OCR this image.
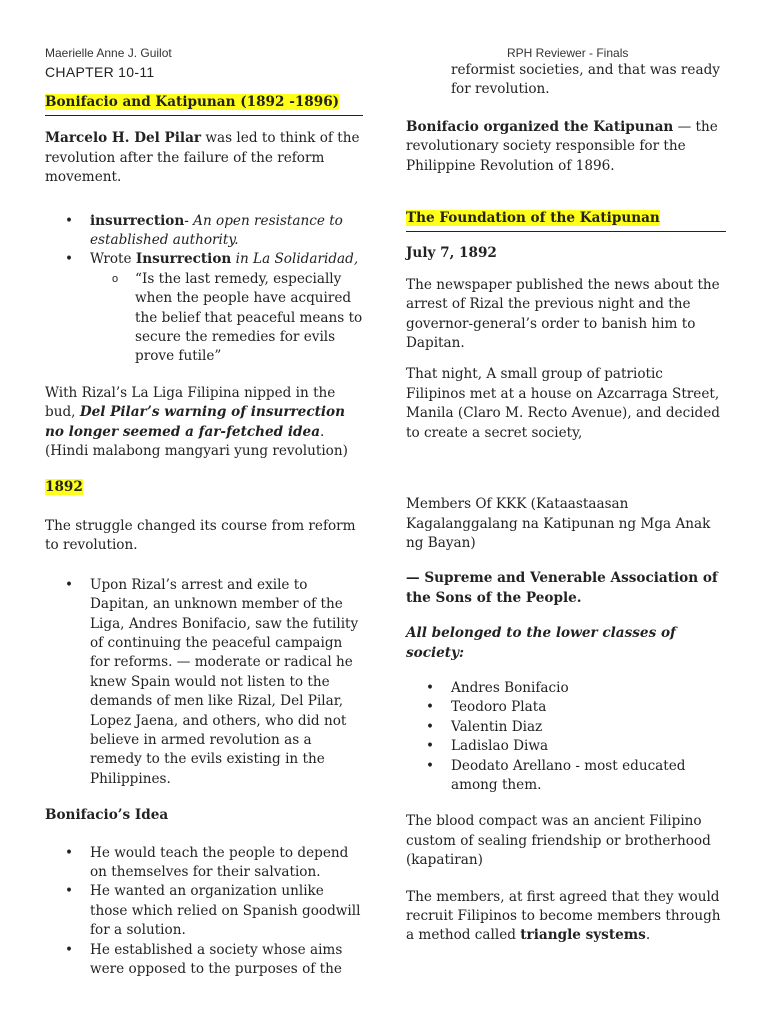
Maerielle Anne J. Guilot	RPH Reviewer - Finals
CHAPTER 10-11
Bonifacio and Katipunan (1892 -1896)

Marcelo H. Del Pilar was led to think of the revolution after the failure of the reform movement.

• insurrection- An open resistance to established authority.
• Wrote Insurrection in La Solidaridad,
o “Is the last remedy, especially when the people have acquired the belief that peaceful means to secure the remedies for evils prove futile”

With Rizal’s La Liga Filipina nipped in the bud, Del Pilar’s warning of insurrection no longer seemed a far-fetched idea. (Hindi malabong mangyari yung revolution)

1892

The struggle changed its course from reform to revolution.

• Upon Rizal’s arrest and exile to Dapitan, an unknown member of the Liga, Andres Bonifacio, saw the futility of continuing the peaceful campaign for reforms. — moderate or radical he knew Spain would not listen to the demands of men like Rizal, Del Pilar, Lopez Jaena, and others, who did not believe in armed revolution as a remedy to the evils existing in the Philippines.

Bonifacio’s Idea

• He would teach the people to depend on themselves for their salvation.
• He wanted an organization unlike those which relied on Spanish goodwill for a solution.
• He established a society whose aims were opposed to the purposes of the

reformist societies, and that was ready for revolution.

Bonifacio organized the Katipunan — the revolutionary society responsible for the Philippine Revolution of 1896.

The Foundation of the Katipunan

July 7, 1892

The newspaper published the news about the arrest of Rizal the previous night and the governor-general’s order to banish him to Dapitan.

That night, A small group of patriotic Filipinos met at a house on Azcarraga Street, Manila (Claro M. Recto Avenue), and decided to create a secret society,

Members Of KKK (Kataastaasan Kagalanggalang na Katipunan ng Mga Anak ng Bayan)

— Supreme and Venerable Association of the Sons of the People.

All belonged to the lower classes of society:

• Andres Bonifacio
• Teodoro Plata
• Valentin Diaz
• Ladislao Diwa
• Deodato Arellano - most educated among them.

The blood compact was an ancient Filipino custom of sealing friendship or brotherhood (kapatiran)

The members, at first agreed that they would recruit Filipinos to become members through a method called triangle systems.
